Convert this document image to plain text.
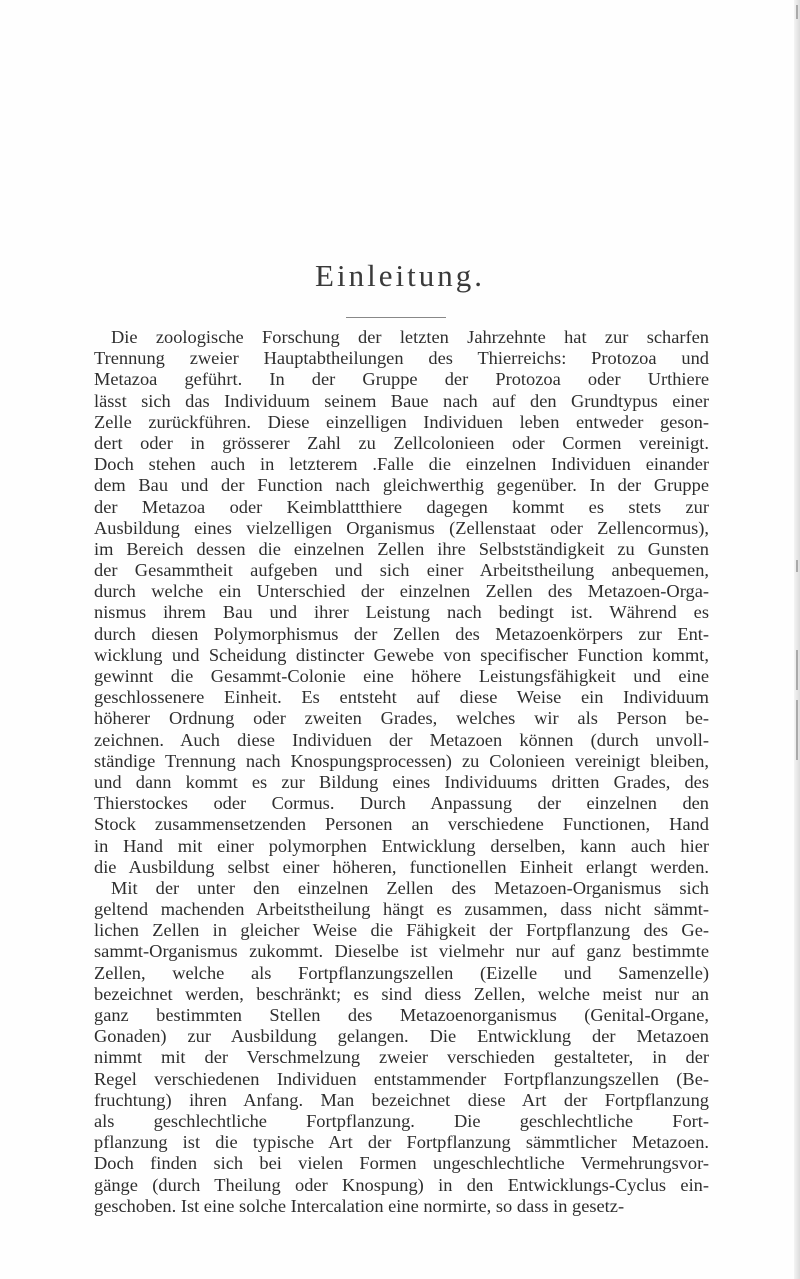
Einleitung.
Die zoologische Forschung der letzten Jahrzehnte hat zur scharfen
Trennung zweier Hauptabtheilungen des Thierreichs: Protozoa und
Metazoa geführt. In der Gruppe der Protozoa oder Urthiere
lässt sich das Individuum seinem Baue nach auf den Grundtypus einer
Zelle zurückführen. Diese einzelligen Individuen leben entweder geson-
dert oder in grösserer Zahl zu Zellcolonieen oder Cormen vereinigt.
Doch stehen auch in letzterem .Falle die einzelnen Individuen einander
dem Bau und der Function nach gleichwerthig gegenüber. In der Gruppe
der Metazoa oder Keimblattthiere dagegen kommt es stets zur
Ausbildung eines vielzelligen Organismus (Zellenstaat oder Zellencormus),
im Bereich dessen die einzelnen Zellen ihre Selbstständigkeit zu Gunsten
der Gesammtheit aufgeben und sich einer Arbeitstheilung anbequemen,
durch welche ein Unterschied der einzelnen Zellen des Metazoen-Orga-
nismus ihrem Bau und ihrer Leistung nach bedingt ist. Während es
durch diesen Polymorphismus der Zellen des Metazoenkörpers zur Ent-
wicklung und Scheidung distincter Gewebe von specifischer Function kommt,
gewinnt die Gesammt-Colonie eine höhere Leistungsfähigkeit und eine
geschlossenere Einheit. Es entsteht auf diese Weise ein Individuum
höherer Ordnung oder zweiten Grades, welches wir als Person be-
zeichnen. Auch diese Individuen der Metazoen können (durch unvoll-
ständige Trennung nach Knospungsprocessen) zu Colonieen vereinigt bleiben,
und dann kommt es zur Bildung eines Individuums dritten Grades, des
Thierstockes oder Cormus. Durch Anpassung der einzelnen den
Stock zusammensetzenden Personen an verschiedene Functionen, Hand
in Hand mit einer polymorphen Entwicklung derselben, kann auch hier
die Ausbildung selbst einer höheren, functionellen Einheit erlangt werden.
Mit der unter den einzelnen Zellen des Metazoen-Organismus sich
geltend machenden Arbeitstheilung hängt es zusammen, dass nicht sämmt-
lichen Zellen in gleicher Weise die Fähigkeit der Fortpflanzung des Ge-
sammt-Organismus zukommt. Dieselbe ist vielmehr nur auf ganz bestimmte
Zellen, welche als Fortpflanzungszellen (Eizelle und Samenzelle)
bezeichnet werden, beschränkt; es sind diess Zellen, welche meist nur an
ganz bestimmten Stellen des Metazoenorganismus (Genital-Organe,
Gonaden) zur Ausbildung gelangen. Die Entwicklung der Metazoen
nimmt mit der Verschmelzung zweier verschieden gestalteter, in der
Regel verschiedenen Individuen entstammender Fortpflanzungszellen (Be-
fruchtung) ihren Anfang. Man bezeichnet diese Art der Fortpflanzung
als geschlechtliche Fortpflanzung. Die geschlechtliche Fort-
pflanzung ist die typische Art der Fortpflanzung sämmtlicher Metazoen.
Doch finden sich bei vielen Formen ungeschlechtliche Vermehrungsvor-
gänge (durch Theilung oder Knospung) in den Entwicklungs-Cyclus ein-
geschoben. Ist eine solche Intercalation eine normirte, so dass in gesetz-
